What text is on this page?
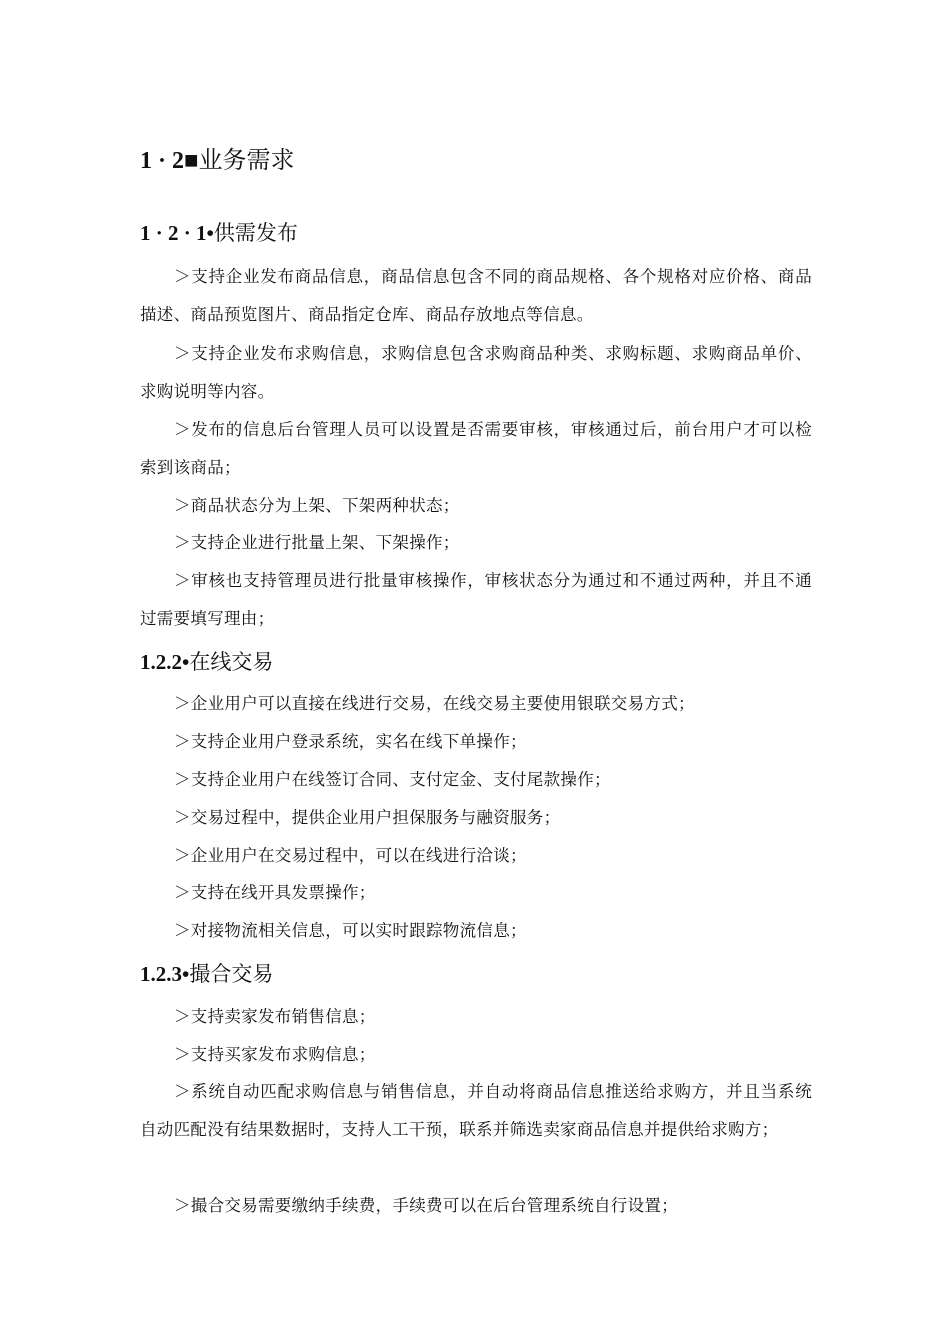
1 · 2■业务需求
1 · 2 · 1•供需发布
＞支持企业发布商品信息，商品信息包含不同的商品规格、各个规格对应价格、商品描述、商品预览图片、商品指定仓库、商品存放地点等信息。
＞支持企业发布求购信息，求购信息包含求购商品种类、求购标题、求购商品单价、求购说明等内容。
＞发布的信息后台管理人员可以设置是否需要审核，审核通过后，前台用户才可以检索到该商品；
＞商品状态分为上架、下架两种状态；
＞支持企业进行批量上架、下架操作；
＞审核也支持管理员进行批量审核操作，审核状态分为通过和不通过两种，并且不通过需要填写理由；
1.2.2•在线交易
＞企业用户可以直接在线进行交易，在线交易主要使用银联交易方式；
＞支持企业用户登录系统，实名在线下单操作；
＞支持企业用户在线签订合同、支付定金、支付尾款操作；
＞交易过程中，提供企业用户担保服务与融资服务；
＞企业用户在交易过程中，可以在线进行洽谈；
＞支持在线开具发票操作；
＞对接物流相关信息，可以实时跟踪物流信息；
1.2.3•撮合交易
＞支持卖家发布销售信息；
＞支持买家发布求购信息；
＞系统自动匹配求购信息与销售信息，并自动将商品信息推送给求购方，并且当系统自动匹配没有结果数据时，支持人工干预，联系并筛选卖家商品信息并提供给求购方；
＞撮合交易需要缴纳手续费，手续费可以在后台管理系统自行设置；
